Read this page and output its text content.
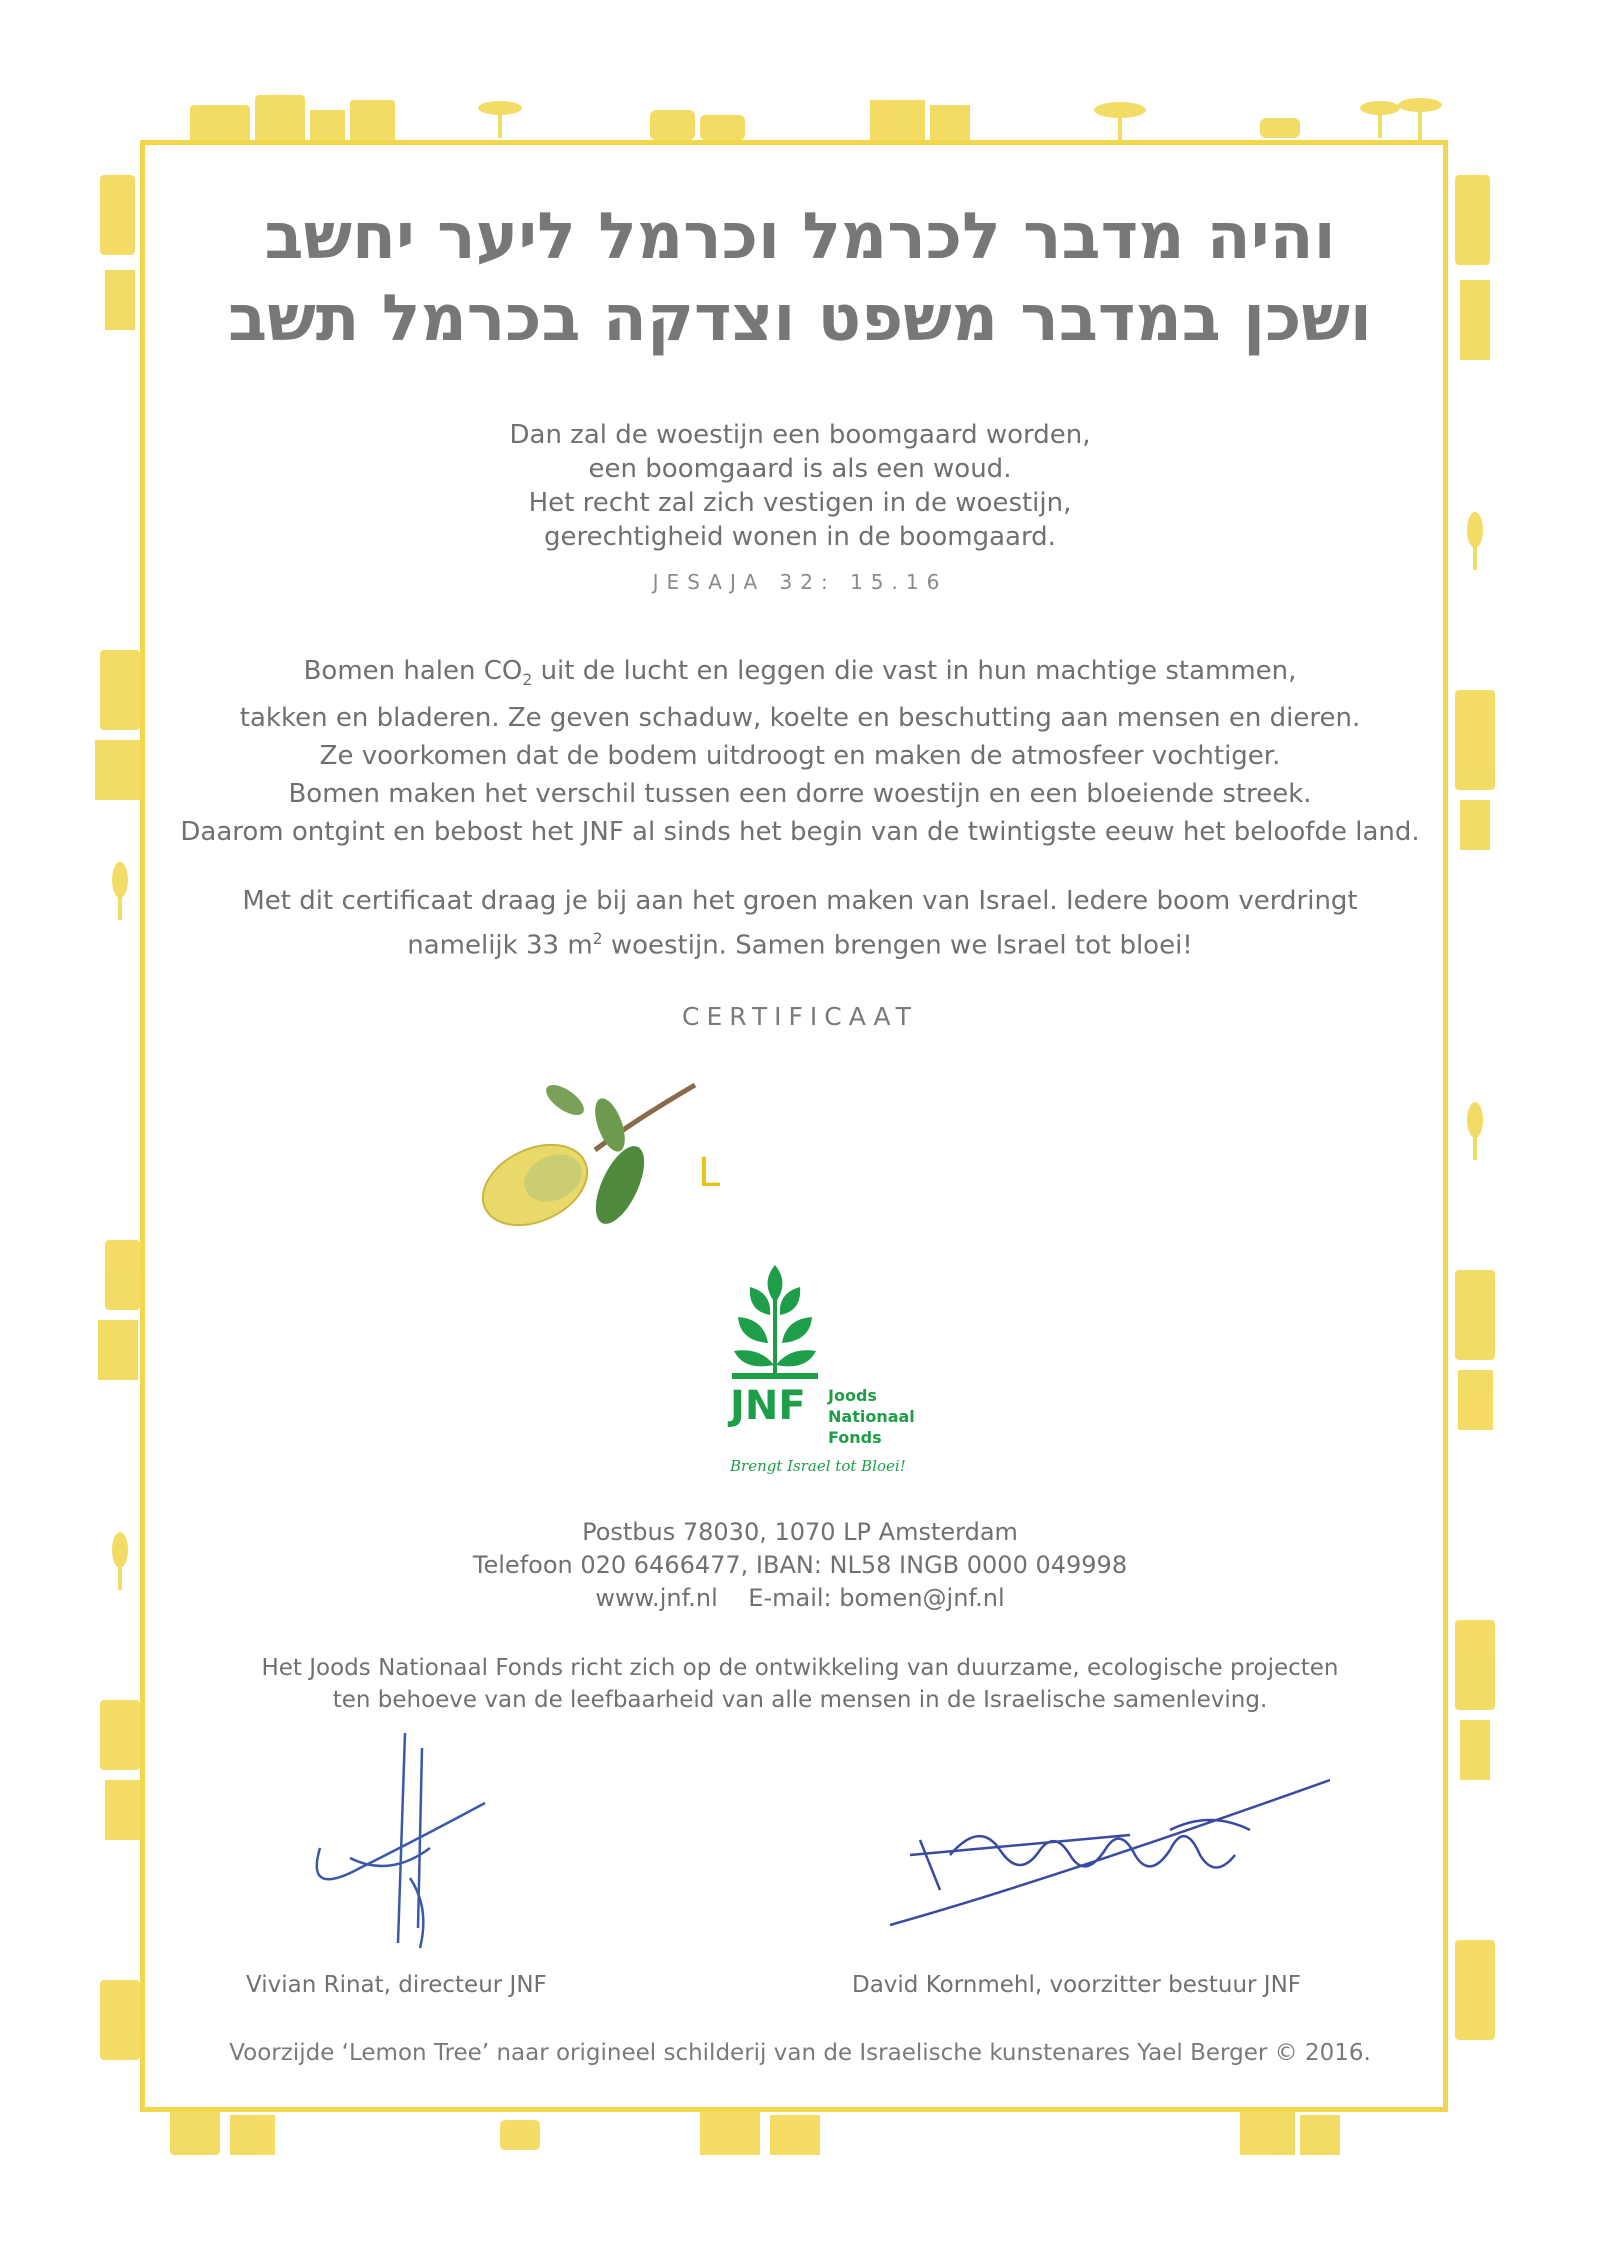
והיה מדבר לכרמל וכרמל ליער יחשב
ושכן במדבר משפט וצדקה בכרמל תשב
Dan zal de woestijn een boomgaard worden,
een boomgaard is als een woud.
Het recht zal zich vestigen in de woestijn,
gerechtigheid wonen in de boomgaard.
JESAJA 32: 15.16
Bomen halen $CO_2$ uit de lucht en leggen die vast in hun machtige stammen,
takken en bladeren. Ze geven schaduw, koelte en beschutting aan mensen en dieren.
Ze voorkomen dat de bodem uitdroogt en maken de atmosfeer vochtiger.
Bomen maken het verschil tussen een dorre woestijn en een bloeiende streek.
Daarom ontgint en bebost het JNF al sinds het begin van de twintigste eeuw het beloofde land.
Met dit certificaat draag je bij aan het groen maken van Israel. Iedere boom verdringt
namelijk 33 $m^2$ woestijn. Samen brengen we Israel tot bloei!
CERTIFICAAT
L
JNF Joods
Nationaal
Fonds
Brengt Israel tot Bloei!
Postbus 78030, 1070 LP Amsterdam
Telefoon 020 6466477, IBAN: NL58 INGB 0000 049998
www.jnf.nl    E-mail: bomen@jnf.nl
Het Joods Nationaal Fonds richt zich op de ontwikkeling van duurzame, ecologische projecten
ten behoeve van de leefbaarheid van alle mensen in de Israelische samenleving.
Vivian Rinat, directeur JNF	David Kornmehl, voorzitter bestuur JNF
Voorzijde ‘Lemon Tree’ naar origineel schilderij van de Israelische kunstenares Yael Berger © 2016.
